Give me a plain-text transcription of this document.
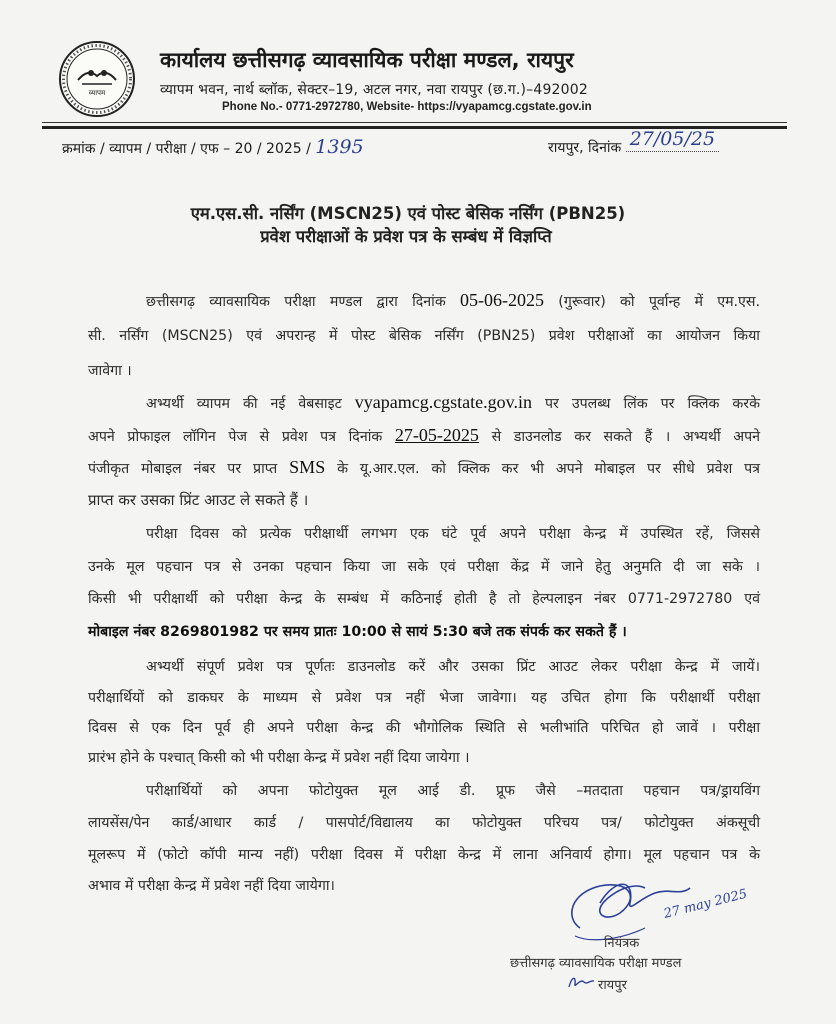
व्यापम
कार्यालय छत्तीसगढ़ व्यावसायिक परीक्षा मण्डल, रायपुर
व्यापम भवन, नार्थ ब्लॉक, सेक्टर–19, अटल नगर, नवा रायपुर (छ.ग.)–492002
Phone No.- 0771-2972780, Website- https://vyapamcg.cgstate.gov.in
क्रमांक / व्यापम / परीक्षा / एफ – 20 / 2025 / 1395	रायपुर, दिनांक 27/05/25
एम.एस.सी. नर्सिंग (MSCN25) एवं पोस्ट बेसिक नर्सिंग (PBN25)
प्रवेश परीक्षाओं के प्रवेश पत्र के सम्बंध में विज्ञप्ति
छत्तीसगढ़ व्यावसायिक परीक्षा मण्डल द्वारा दिनांक 05-06-2025 (गुरूवार) को पूर्वान्ह में एम.एस.
सी. नर्सिंग (MSCN25) एवं अपरान्ह में पोस्ट बेसिक नर्सिंग (PBN25) प्रवेश परीक्षाओं का आयोजन किया
जावेगा ।
अभ्यर्थी व्यापम की नई वेबसाइट vyapamcg.cgstate.gov.in पर उपलब्ध लिंक पर क्लिक करके
अपने प्रोफाइल लॉगिन पेज से प्रवेश पत्र दिनांक 27-05-2025 से डाउनलोड कर सकते हैं । अभ्यर्थी अपने
पंजीकृत मोबाइल नंबर पर प्राप्त SMS के यू.आर.एल. को क्लिक कर भी अपने मोबाइल पर सीधे प्रवेश पत्र
प्राप्त कर उसका प्रिंट आउट ले सकते हैं ।
परीक्षा दिवस को प्रत्येक परीक्षार्थी लगभग एक घंटे पूर्व अपने परीक्षा केन्द्र में उपस्थित रहें, जिससे
उनके मूल पहचान पत्र से उनका पहचान किया जा सके एवं परीक्षा केंद्र में जाने हेतु अनुमति दी जा सके ।
किसी भी परीक्षार्थी को परीक्षा केन्द्र के सम्बंध में कठिनाई होती है तो हेल्पलाइन नंबर 0771-2972780 एवं
मोबाइल नंबर 8269801982 पर समय प्रातः 10:00 से सायं 5:30 बजे तक संपर्क कर सकते हैं ।
अभ्यर्थी संपूर्ण प्रवेश पत्र पूर्णतः डाउनलोड करें और उसका प्रिंट आउट लेकर परीक्षा केन्द्र में जायें।
परीक्षार्थियों को डाकघर के माध्यम से प्रवेश पत्र नहीं भेजा जावेगा। यह उचित होगा कि परीक्षार्थी परीक्षा
दिवस से एक दिन पूर्व ही अपने परीक्षा केन्द्र की भौगोलिक स्थिति से भलीभांति परिचित हो जावें । परीक्षा
प्रारंभ होने के पश्चात् किसी को भी परीक्षा केन्द्र में प्रवेश नहीं दिया जायेगा ।
परीक्षार्थियों को अपना फोटोयुक्त मूल आई डी. प्रूफ जैसे –मतदाता पहचान पत्र/ड्रायविंग
लायसेंस/पेन कार्ड/आधार कार्ड / पासपोर्ट/विद्यालय का फोटोयुक्त परिचय पत्र/ फोटोयुक्त अंकसूची
मूलरूप में (फोटो कॉपी मान्य नहीं) परीक्षा दिवस में परीक्षा केन्द्र में लाना अनिवार्य होगा। मूल पहचान पत्र के
अभाव में परीक्षा केन्द्र में प्रवेश नहीं दिया जायेगा।
27 may 2025
नियंत्रक
छत्तीसगढ़ व्यावसायिक परीक्षा मण्डल
रायपुर
